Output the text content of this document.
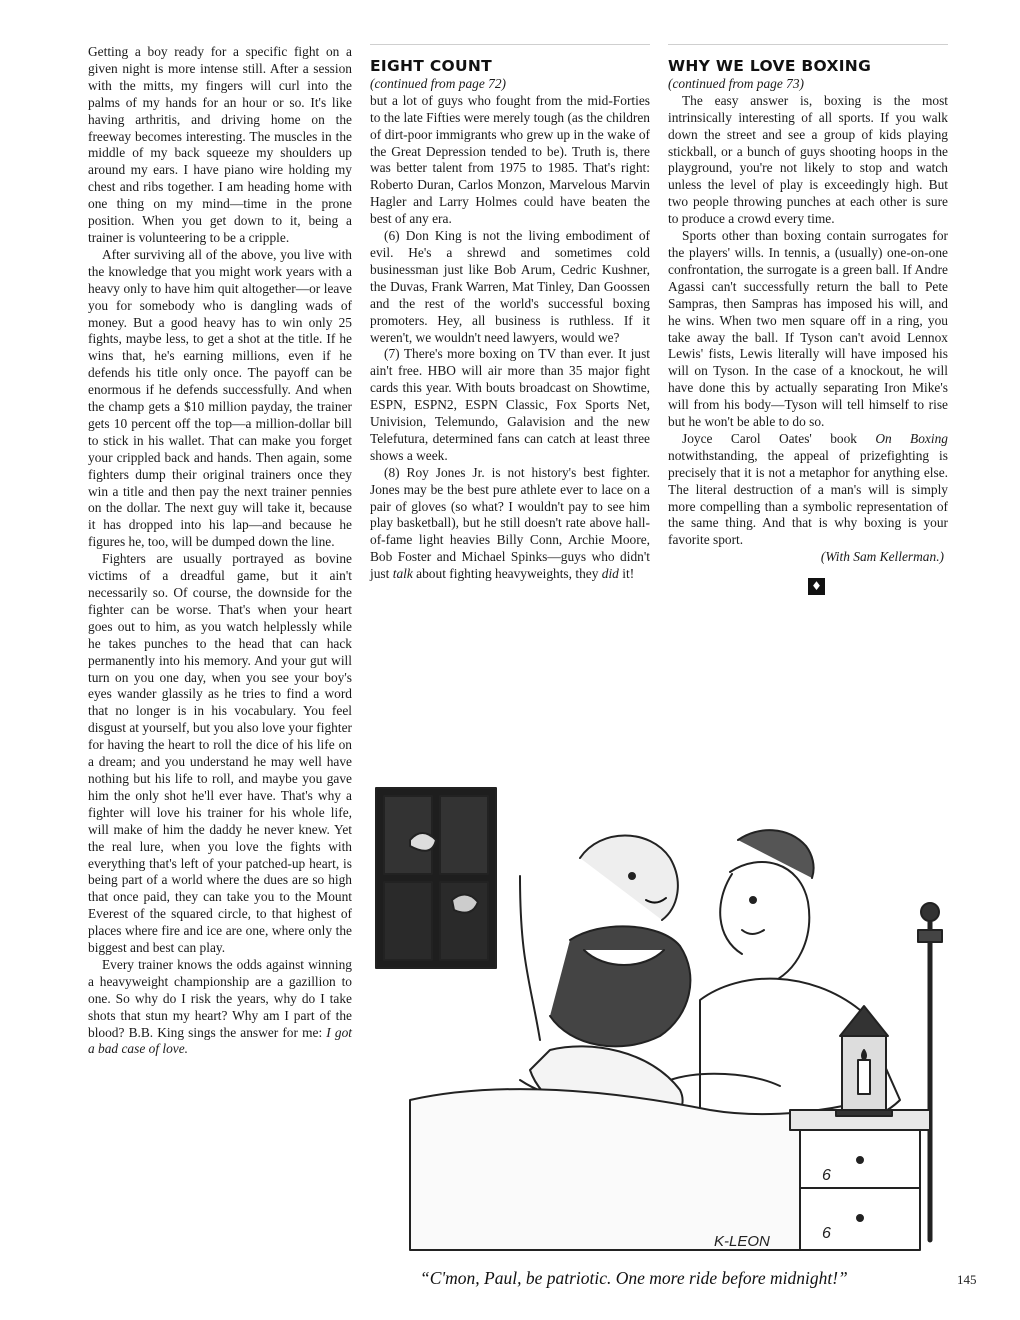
Getting a boy ready for a specific fight on a given night is more intense still. After a session with the mitts, my fingers will curl into the palms of my hands for an hour or so. It's like having arthritis, and driving home on the freeway becomes interesting. The muscles in the middle of my back squeeze my shoulders up around my ears. I have piano wire holding my chest and ribs together. I am heading home with one thing on my mind—time in the prone position. When you get down to it, being a trainer is volunteering to be a cripple.

After surviving all of the above, you live with the knowledge that you might work years with a heavy only to have him quit altogether—or leave you for somebody who is dangling wads of money. But a good heavy has to win only 25 fights, maybe less, to get a shot at the title. If he wins that, he's earning millions, even if he defends his title only once. The payoff can be enormous if he defends successfully. And when the champ gets a $10 million payday, the trainer gets 10 percent off the top—a million-dollar bill to stick in his wallet. That can make you forget your crippled back and hands. Then again, some fighters dump their original trainers once they win a title and then pay the next trainer pennies on the dollar. The next guy will take it, because it has dropped into his lap—and because he figures he, too, will be dumped down the line.

Fighters are usually portrayed as bovine victims of a dreadful game, but it ain't necessarily so. Of course, the downside for the fighter can be worse. That's when your heart goes out to him, as you watch helplessly while he takes punches to the head that can hack permanently into his memory. And your gut will turn on you one day, when you see your boy's eyes wander glassily as he tries to find a word that no longer is in his vocabulary. You feel disgust at yourself, but you also love your fighter for having the heart to roll the dice of his life on a dream; and you understand he may well have nothing but his life to roll, and maybe you gave him the only shot he'll ever have. That's why a fighter will love his trainer for his whole life, will make of him the daddy he never knew. Yet the real lure, when you love the fights with everything that's left of your patched-up heart, is being part of a world where the dues are so high that once paid, they can take you to the Mount Everest of the squared circle, to that highest of places where fire and ice are one, where only the biggest and best can play.

Every trainer knows the odds against winning a heavyweight championship are a gazillion to one. So why do I risk the years, why do I take shots that stun my heart? Why am I part of the blood? B.B. King sings the answer for me: I got a bad case of love.

EIGHT COUNT

(continued from page 72)

but a lot of guys who fought from the mid-Forties to the late Fifties were merely tough (as the children of dirt-poor immigrants who grew up in the wake of the Great Depression tended to be). Truth is, there was better talent from 1975 to 1985. That's right: Roberto Duran, Carlos Monzon, Marvelous Marvin Hagler and Larry Holmes could have beaten the best of any era.

(6) Don King is not the living embodiment of evil. He's a shrewd and sometimes cold businessman just like Bob Arum, Cedric Kushner, the Duvas, Frank Warren, Mat Tinley, Dan Goossen and the rest of the world's successful boxing promoters. Hey, all business is ruthless. If it weren't, we wouldn't need lawyers, would we?

(7) There's more boxing on TV than ever. It just ain't free. HBO will air more than 35 major fight cards this year. With bouts broadcast on Showtime, ESPN, ESPN2, ESPN Classic, Fox Sports Net, Univision, Telemundo, Galavision and the new Telefutura, determined fans can catch at least three shows a week.

(8) Roy Jones Jr. is not history's best fighter. Jones may be the best pure athlete ever to lace on a pair of gloves (so what? I wouldn't pay to see him play basketball), but he still doesn't rate above hall-of-fame light heavies Billy Conn, Archie Moore, Bob Foster and Michael Spinks—guys who didn't just talk about fighting heavyweights, they did it!

WHY WE LOVE BOXING

(continued from page 73)

The easy answer is, boxing is the most intrinsically interesting of all sports. If you walk down the street and see a group of kids playing stickball, or a bunch of guys shooting hoops in the playground, you're not likely to stop and watch unless the level of play is exceedingly high. But two people throwing punches at each other is sure to produce a crowd every time.

Sports other than boxing contain surrogates for the players' wills. In tennis, a (usually) one-on-one confrontation, the surrogate is a green ball. If Andre Agassi can't successfully return the ball to Pete Sampras, then Sampras has imposed his will, and he wins. When two men square off in a ring, you take away the ball. If Tyson can't avoid Lennox Lewis' fists, Lewis literally will have imposed his will on Tyson. In the case of a knockout, he will have done this by actually separating Iron Mike's will from his body—Tyson will tell himself to rise but he won't be able to do so.

Joyce Carol Oates' book On Boxing notwithstanding, the appeal of prizefighting is precisely that it is not a metaphor for anything else. The literal destruction of a man's will is simply more compelling than a symbolic representation of the same thing. And that is why boxing is your favorite sport.

(With Sam Kellerman.)

♦
6
6
K-LEON
“C'mon, Paul, be patriotic. One more ride before midnight!”	145
